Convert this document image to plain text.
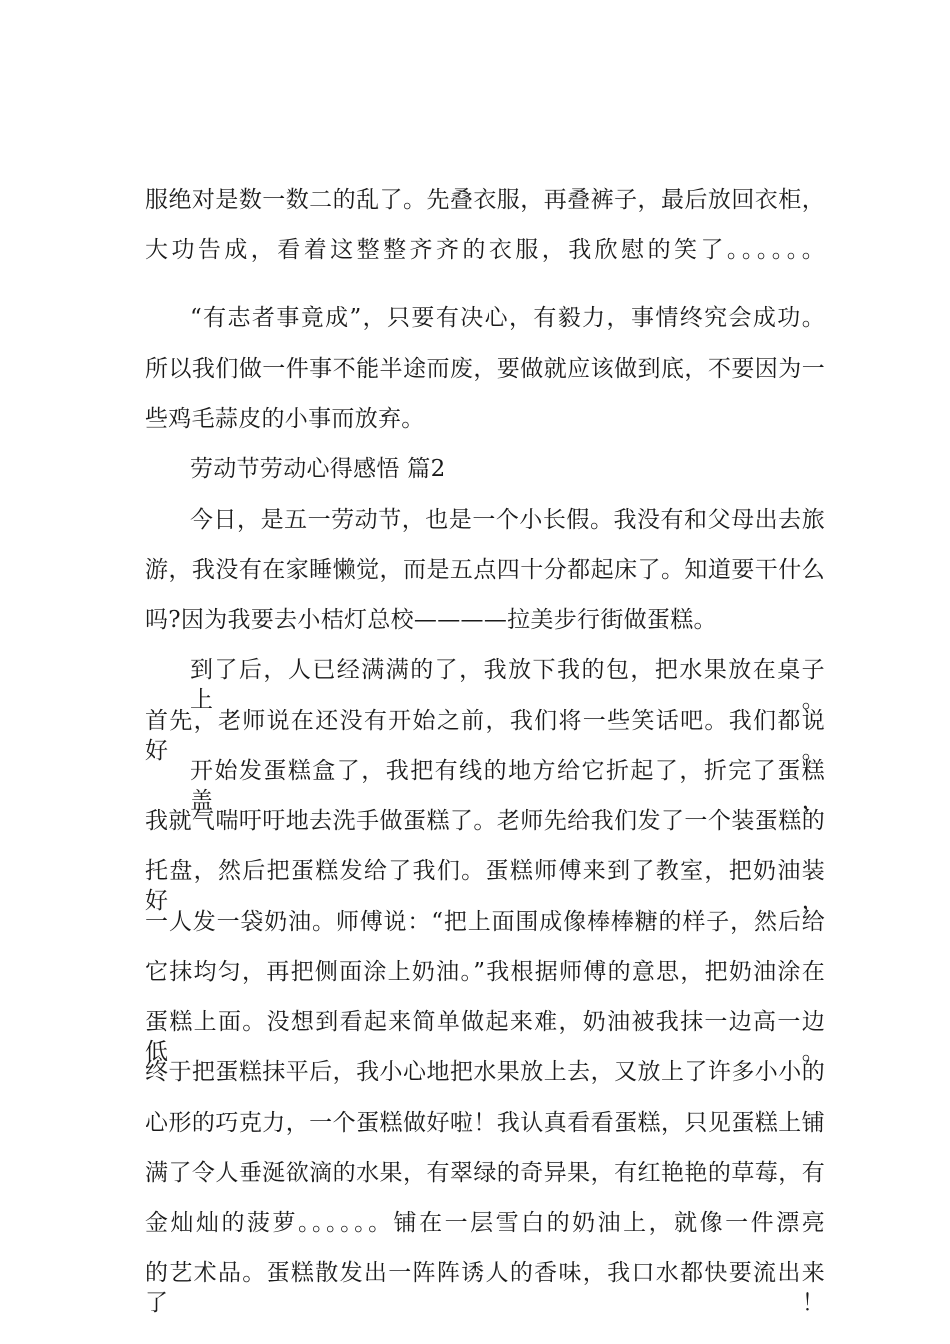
服绝对是数一数二的乱了。先叠衣服，再叠裤子，最后放回衣柜，
大功告成，看着这整整齐齐的衣服，我欣慰的笑了。。。。。。
“有志者事竟成”，只要有决心，有毅力，事情终究会成功。
所以我们做一件事不能半途而废，要做就应该做到底，不要因为一
些鸡毛蒜皮的小事而放弃。
劳动节劳动心得感悟 篇2
今日，是五一劳动节，也是一个小长假。我没有和父母出去旅
游，我没有在家睡懒觉，而是五点四十分都起床了。知道要干什么
吗?因为我要去小桔灯总校————拉美步行街做蛋糕。
到了后，人已经满满的了，我放下我的包，把水果放在桌子上。
首先，老师说在还没有开始之前，我们将一些笑话吧。我们都说好。
开始发蛋糕盒了，我把有线的地方给它折起了，折完了蛋糕盖，
我就气喘吁吁地去洗手做蛋糕了。老师先给我们发了一个装蛋糕的
托盘，然后把蛋糕发给了我们。蛋糕师傅来到了教室，把奶油装好，
一人发一袋奶油。师傅说：“把上面围成像棒棒糖的样子，然后给
它抹均匀，再把侧面涂上奶油。”我根据师傅的意思，把奶油涂在
蛋糕上面。没想到看起来简单做起来难，奶油被我抹一边高一边低。
终于把蛋糕抹平后，我小心地把水果放上去，又放上了许多小小的
心形的巧克力，一个蛋糕做好啦！我认真看看蛋糕，只见蛋糕上铺
满了令人垂涎欲滴的水果，有翠绿的奇异果，有红艳艳的草莓，有
金灿灿的菠萝。。。。。。铺在一层雪白的奶油上，就像一件漂亮
的艺术品。蛋糕散发出一阵阵诱人的香味，我口水都快要流出来了！
